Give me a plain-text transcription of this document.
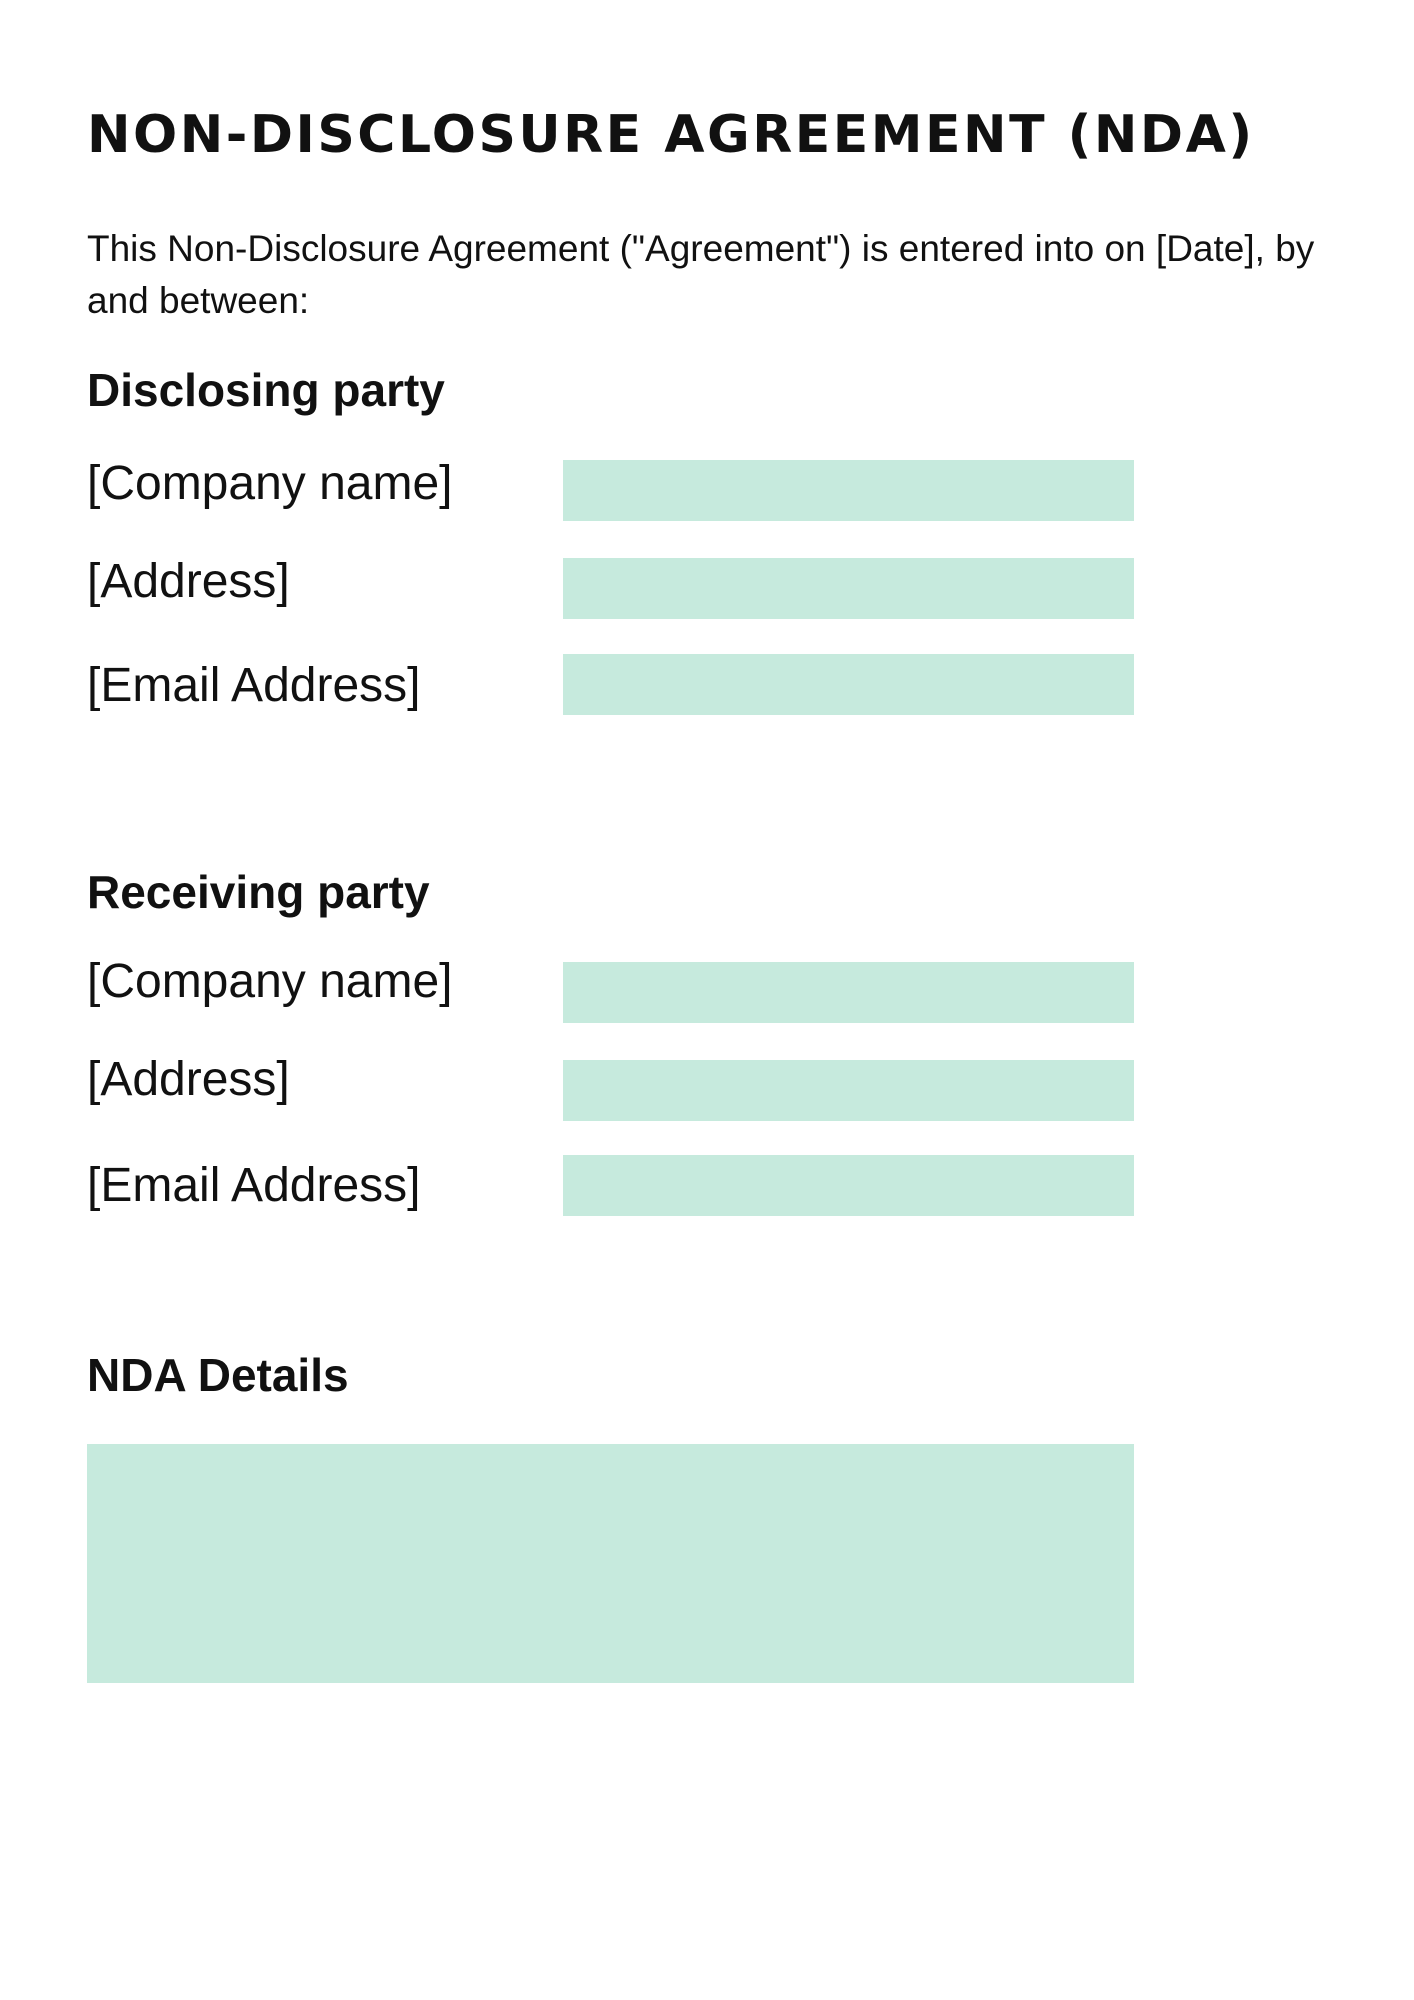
NON-DISCLOSURE AGREEMENT (NDA)

This Non-Disclosure Agreement ("Agreement") is entered into on [Date], by and between:

Disclosing party
[Company name]
[Address]
[Email Address]
Receiving party
[Company name]
[Address]
[Email Address]
NDA Details
